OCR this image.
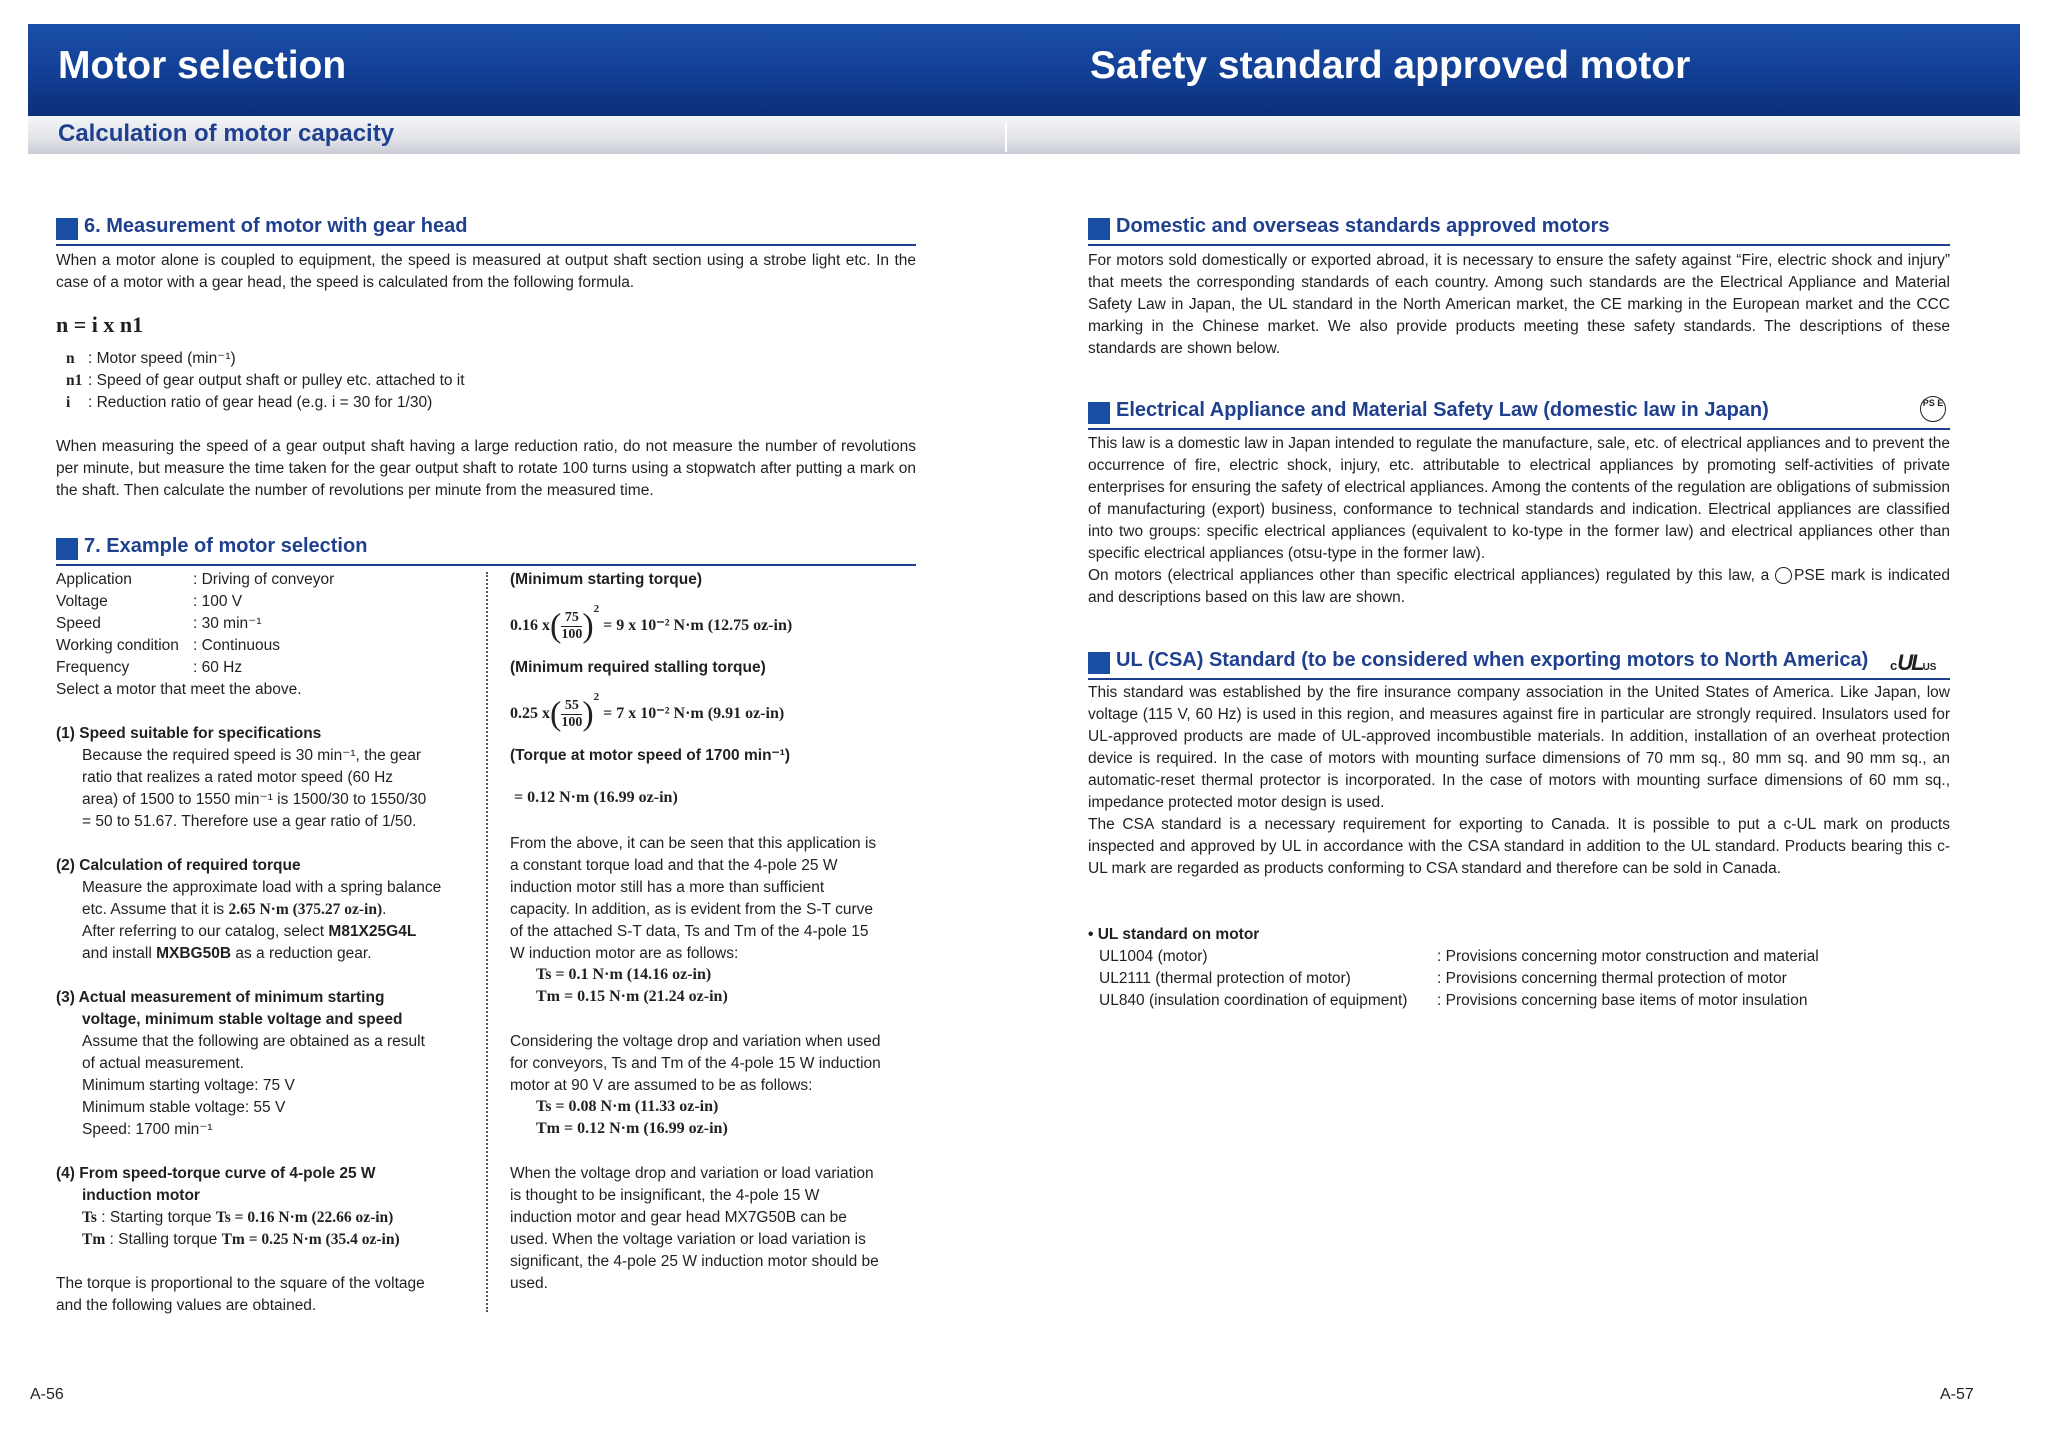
Motor selection	Safety standard approved motor
Calculation of motor capacity
6. Measurement of motor with gear head
When a motor alone is coupled to equipment, the speed is measured at output shaft section using a strobe light etc. In the case of a motor with a gear head, the speed is calculated from the following formula.
n = i x n1
n : Motor speed (min⁻¹)
n1 : Speed of gear output shaft or pulley etc. attached to it
i : Reduction ratio of gear head (e.g. i = 30 for 1/30)
When measuring the speed of a gear output shaft having a large reduction ratio, do not measure the number of revolutions per minute, but measure the time taken for the gear output shaft to rotate 100 turns using a stopwatch after putting a mark on the shaft. Then calculate the number of revolutions per minute from the measured time.
7. Example of motor selection
Application	: Driving of conveyor
Voltage	: 100 V
Speed	: 30 min⁻¹
Working condition : Continuous
Frequency	: 60 Hz
Select a motor that meet the above.
(1) Speed suitable for specifications
Because the required speed is 30 min⁻¹, the gear
ratio that realizes a rated motor speed (60 Hz
area) of 1500 to 1550 min⁻¹ is 1500/30 to 1550/30
= 50 to 51.67. Therefore use a gear ratio of 1/50.
(2) Calculation of required torque
Measure the approximate load with a spring balance
etc. Assume that it is 2.65 N·m (375.27 oz-in).
After referring to our catalog, select M81X25G4L
and install MXBG50B as a reduction gear.
(3) Actual measurement of minimum starting
voltage, minimum stable voltage and speed
Assume that the following are obtained as a result
of actual measurement.
Minimum starting voltage: 75 V
Minimum stable voltage: 55 V
Speed: 1700 min⁻¹
(4) From speed-torque curve of 4-pole 25 W
induction motor
Ts : Starting torque Ts = 0.16 N·m (22.66 oz-in)
Tm : Stalling torque Tm = 0.25 N·m (35.4 oz-in)
The torque is proportional to the square of the voltage
and the following values are obtained.
(Minimum starting torque)
0.16 $x( \frac{75}{100})^2 = 9$ x 10⁻² N·m (12.75 oz-in)
(Minimum required stalling torque)
0.25 $x( \frac{55}{100})^2 = 7$ x 10⁻² N·m (9.91 oz-in)
(Torque at motor speed of 1700 min⁻¹)
= 0.12 N·m (16.99 oz-in)
From the above, it can be seen that this application is
a constant torque load and that the 4-pole 25 W
induction motor still has a more than sufficient
capacity. In addition, as is evident from the S-T curve
of the attached S-T data, Ts and Tm of the 4-pole 15
W induction motor are as follows:
Ts = 0.1 N·m (14.16 oz-in)
Tm = 0.15 N·m (21.24 oz-in)
Considering the voltage drop and variation when used
for conveyors, Ts and Tm of the 4-pole 15 W induction
motor at 90 V are assumed to be as follows:
Ts = 0.08 N·m (11.33 oz-in)
Tm = 0.12 N·m (16.99 oz-in)
When the voltage drop and variation or load variation
is thought to be insignificant, the 4-pole 15 W
induction motor and gear head MX7G50B can be
used. When the voltage variation or load variation is
significant, the 4-pole 25 W induction motor should be
used.
A-56
Domestic and overseas standards approved motors
For motors sold domestically or exported abroad, it is necessary to ensure the safety against “Fire, electric shock and injury” that meets the corresponding standards of each country. Among such standards are the Electrical Appliance and Material Safety Law in Japan, the UL standard in the North American market, the CE marking in the European market and the CCC marking in the Chinese market. We also provide products meeting these safety standards. The descriptions of these standards are shown below.
Electrical Appliance and Material Safety Law (domestic law in Japan)	PS E
This law is a domestic law in Japan intended to regulate the manufacture, sale, etc. of electrical appliances and to prevent the occurrence of fire, electric shock, injury, etc. attributable to electrical appliances by promoting self-activities of private enterprises for ensuring the safety of electrical appliances. Among the contents of the regulation are obligations of submission of manufacturing (export) business, conformance to technical standards and indication. Electrical appliances are classified into two groups: specific electrical appliances (equivalent to ko-type in the former law) and electrical appliances other than specific electrical appliances (otsu-type in the former law).
On motors (electrical appliances other than specific electrical appliances) regulated by this law, a PSE mark is indicated and descriptions based on this law are shown.
UL (CSA) Standard (to be considered when exporting motors to North America) cULUS
This standard was established by the fire insurance company association in the United States of America. Like Japan, low voltage (115 V, 60 Hz) is used in this region, and measures against fire in particular are strongly required. Insulators used for UL-approved products are made of UL-approved incombustible materials. In addition, installation of an overheat protection device is required. In the case of motors with mounting surface dimensions of 70 mm sq., 80 mm sq. and 90 mm sq., an automatic-reset thermal protector is incorporated. In the case of motors with mounting surface dimensions of 60 mm sq., impedance protected motor design is used.
The CSA standard is a necessary requirement for exporting to Canada. It is possible to put a c-UL mark on products inspected and approved by UL in accordance with the CSA standard in addition to the UL standard. Products bearing this c-UL mark are regarded as products conforming to CSA standard and therefore can be sold in Canada.
• UL standard on motor
UL1004 (motor)	: Provisions concerning motor construction and material
UL2111 (thermal protection of motor)	: Provisions concerning thermal protection of motor
UL840 (insulation coordination of equipment) : Provisions concerning base items of motor insulation
A-57
